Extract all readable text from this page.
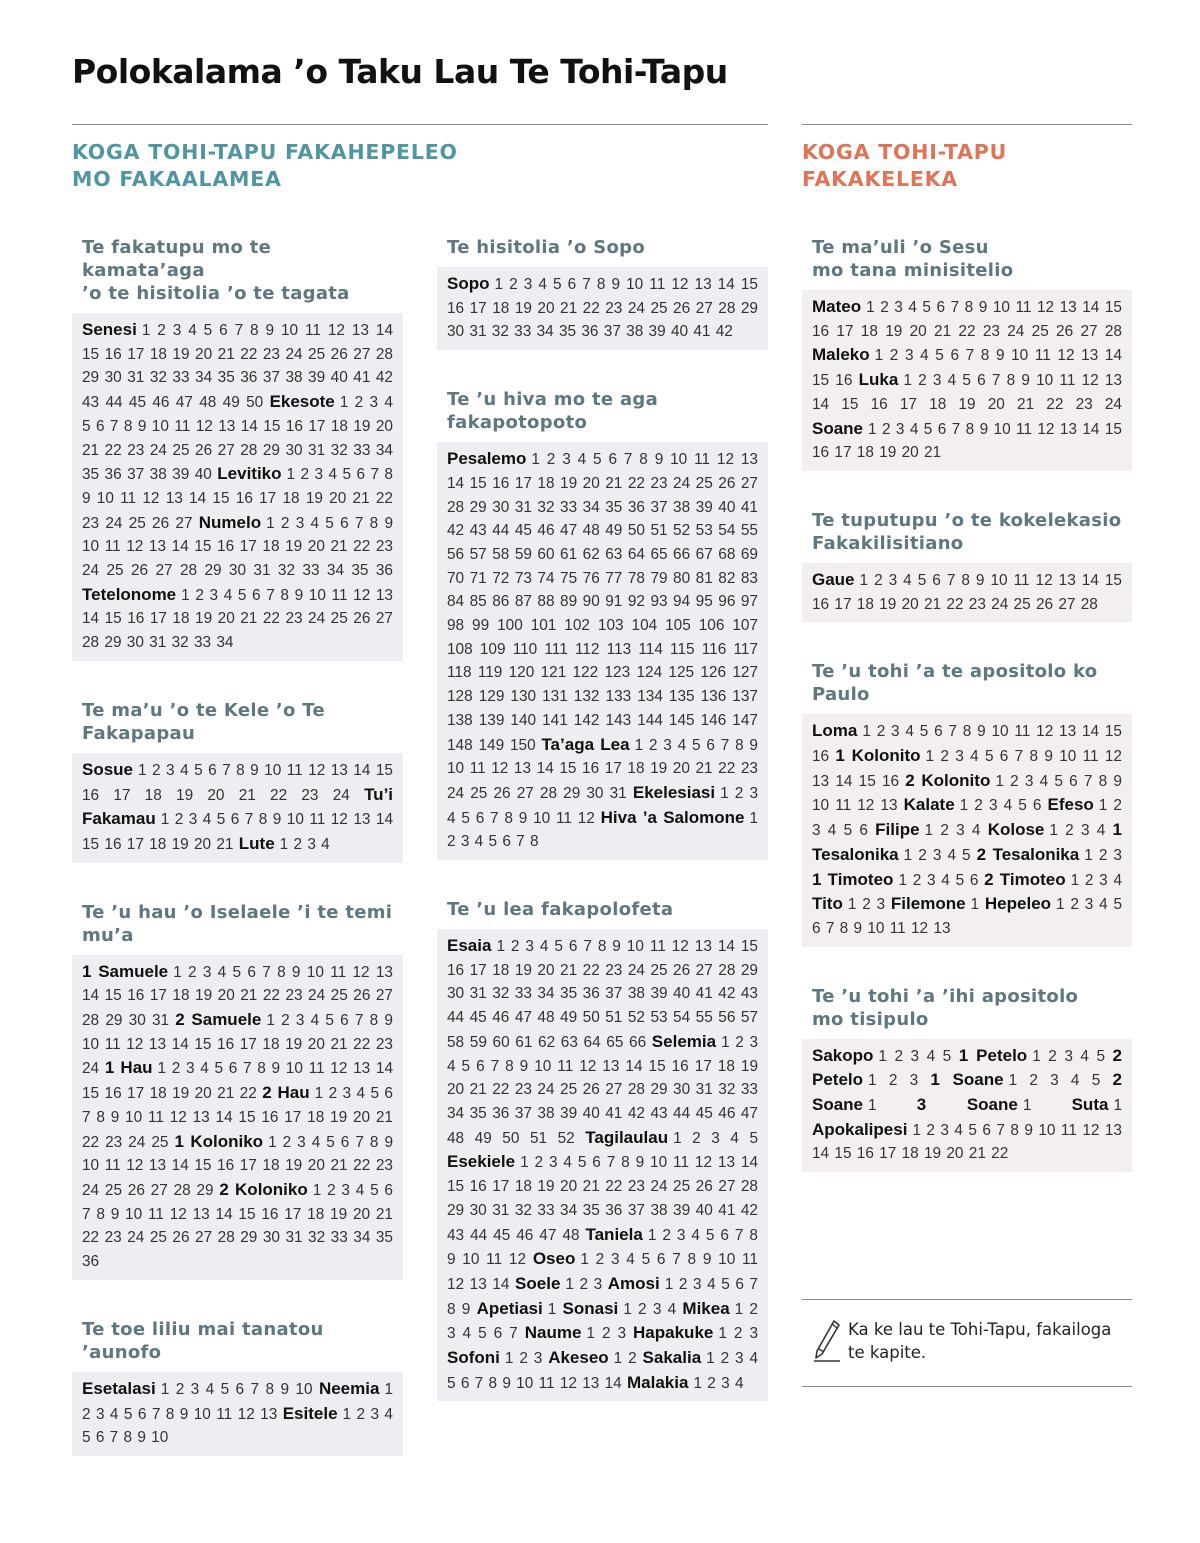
Polokalama ’o Taku Lau Te Tohi-Tapu
KOGA TOHI-TAPU FAKAHEPELEO
MO FAKAALAMEA
KOGA TOHI-TAPU
FAKAKELEKA
Te fakatupu mo te kamata’aga
’o te hisitolia ’o te tagata
Senesi 1 2 3 4 5 6 7 8 9 10 11 12 13 14 15 16 17 18 19 20 21 22 23 24 25 26 27 28 29 30 31 32 33 34 35 36 37 38 39 40 41 42 43 44 45 46 47 48 49 50 Ekesote 1 2 3 4 5 6 7 8 9 10 11 12 13 14 15 16 17 18 19 20 21 22 23 24 25 26 27 28 29 30 31 32 33 34 35 36 37 38 39 40 Levitiko 1 2 3 4 5 6 7 8 9 10 11 12 13 14 15 16 17 18 19 20 21 22 23 24 25 26 27 Numelo 1 2 3 4 5 6 7 8 9 10 11 12 13 14 15 16 17 18 19 20 21 22 23 24 25 26 27 28 29 30 31 32 33 34 35 36 Tetelonome 1 2 3 4 5 6 7 8 9 10 11 12 13 14 15 16 17 18 19 20 21 22 23 24 25 26 27 28 29 30 31 32 33 34
Te ma’u ’o te Kele ’o Te Fakapapau
Sosue 1 2 3 4 5 6 7 8 9 10 11 12 13 14 15 16 17 18 19 20 21 22 23 24 Tu’i Fakamau 1 2 3 4 5 6 7 8 9 10 11 12 13 14 15 16 17 18 19 20 21 Lute 1 2 3 4
Te ’u hau ’o Iselaele ’i te temi mu’a
1 Samuele 1 2 3 4 5 6 7 8 9 10 11 12 13 14 15 16 17 18 19 20 21 22 23 24 25 26 27 28 29 30 31 2 Samuele 1 2 3 4 5 6 7 8 9 10 11 12 13 14 15 16 17 18 19 20 21 22 23 24 1 Hau 1 2 3 4 5 6 7 8 9 10 11 12 13 14 15 16 17 18 19 20 21 22 2 Hau 1 2 3 4 5 6 7 8 9 10 11 12 13 14 15 16 17 18 19 20 21 22 23 24 25 1 Koloniko 1 2 3 4 5 6 7 8 9 10 11 12 13 14 15 16 17 18 19 20 21 22 23 24 25 26 27 28 29 2 Koloniko 1 2 3 4 5 6 7 8 9 10 11 12 13 14 15 16 17 18 19 20 21 22 23 24 25 26 27 28 29 30 31 32 33 34 35 36
Te toe liliu mai tanatou ’aunofo
Esetalasi 1 2 3 4 5 6 7 8 9 10 Neemia 1 2 3 4 5 6 7 8 9 10 11 12 13 Esitele 1 2 3 4 5 6 7 8 9 10
Te hisitolia ’o Sopo
Sopo 1 2 3 4 5 6 7 8 9 10 11 12 13 14 15 16 17 18 19 20 21 22 23 24 25 26 27 28 29 30 31 32 33 34 35 36 37 38 39 40 41 42
Te ’u hiva mo te aga
fakapotopoto
Pesalemo 1 2 3 4 5 6 7 8 9 10 11 12 13 14 15 16 17 18 19 20 21 22 23 24 25 26 27 28 29 30 31 32 33 34 35 36 37 38 39 40 41 42 43 44 45 46 47 48 49 50 51 52 53 54 55 56 57 58 59 60 61 62 63 64 65 66 67 68 69 70 71 72 73 74 75 76 77 78 79 80 81 82 83 84 85 86 87 88 89 90 91 92 93 94 95 96 97 98 99 100 101 102 103 104 105 106 107 108 109 110 111 112 113 114 115 116 117 118 119 120 121 122 123 124 125 126 127 128 129 130 131 132 133 134 135 136 137 138 139 140 141 142 143 144 145 146 147 148 149 150 Ta’aga Lea 1 2 3 4 5 6 7 8 9 10 11 12 13 14 15 16 17 18 19 20 21 22 23 24 25 26 27 28 29 30 31 Ekelesiasi 1 2 3 4 5 6 7 8 9 10 11 12 Hiva ’a Salomone 1 2 3 4 5 6 7 8
Te ’u lea fakapolofeta
Esaia 1 2 3 4 5 6 7 8 9 10 11 12 13 14 15 16 17 18 19 20 21 22 23 24 25 26 27 28 29 30 31 32 33 34 35 36 37 38 39 40 41 42 43 44 45 46 47 48 49 50 51 52 53 54 55 56 57 58 59 60 61 62 63 64 65 66 Selemia 1 2 3 4 5 6 7 8 9 10 11 12 13 14 15 16 17 18 19 20 21 22 23 24 25 26 27 28 29 30 31 32 33 34 35 36 37 38 39 40 41 42 43 44 45 46 47 48 49 50 51 52 Tagilaulau 1 2 3 4 5 Esekiele 1 2 3 4 5 6 7 8 9 10 11 12 13 14 15 16 17 18 19 20 21 22 23 24 25 26 27 28 29 30 31 32 33 34 35 36 37 38 39 40 41 42 43 44 45 46 47 48 Taniela 1 2 3 4 5 6 7 8 9 10 11 12 Oseo 1 2 3 4 5 6 7 8 9 10 11 12 13 14 Soele 1 2 3 Amosi 1 2 3 4 5 6 7 8 9 Apetiasi 1 Sonasi 1 2 3 4 Mikea 1 2 3 4 5 6 7 Naume 1 2 3 Hapakuke 1 2 3 Sofoni 1 2 3 Akeseo 1 2 Sakalia 1 2 3 4 5 6 7 8 9 10 11 12 13 14 Malakia 1 2 3 4
Te ma’uli ’o Sesu
mo tana minisitelio
Mateo 1 2 3 4 5 6 7 8 9 10 11 12 13 14 15 16 17 18 19 20 21 22 23 24 25 26 27 28 Maleko 1 2 3 4 5 6 7 8 9 10 11 12 13 14 15 16 Luka 1 2 3 4 5 6 7 8 9 10 11 12 13 14 15 16 17 18 19 20 21 22 23 24 Soane 1 2 3 4 5 6 7 8 9 10 11 12 13 14 15 16 17 18 19 20 21
Te tuputupu ’o te kokelekasio
Fakakilisitiano
Gaue 1 2 3 4 5 6 7 8 9 10 11 12 13 14 15 16 17 18 19 20 21 22 23 24 25 26 27 28
Te ’u tohi ’a te apositolo ko Paulo
Loma 1 2 3 4 5 6 7 8 9 10 11 12 13 14 15 16 1 Kolonito 1 2 3 4 5 6 7 8 9 10 11 12 13 14 15 16 2 Kolonito 1 2 3 4 5 6 7 8 9 10 11 12 13 Kalate 1 2 3 4 5 6 Efeso 1 2 3 4 5 6 Filipe 1 2 3 4 Kolose 1 2 3 4 1 Tesalonika 1 2 3 4 5 2 Tesalonika 1 2 3 1 Timoteo 1 2 3 4 5 6 2 Timoteo 1 2 3 4 Tito 1 2 3 Filemone 1 Hepeleo 1 2 3 4 5 6 7 8 9 10 11 12 13
Te ’u tohi ’a ’ihi apositolo
mo tisipulo
Sakopo 1 2 3 4 5 1 Petelo 1 2 3 4 5 2 Petelo 1 2 3 1 Soane 1 2 3 4 5 2 Soane 1 3 Soane 1 Suta 1 Apokalipesi 1 2 3 4 5 6 7 8 9 10 11 12 13 14 15 16 17 18 19 20 21 22
Ka ke lau te Tohi-Tapu, fakailoga te kapite.
